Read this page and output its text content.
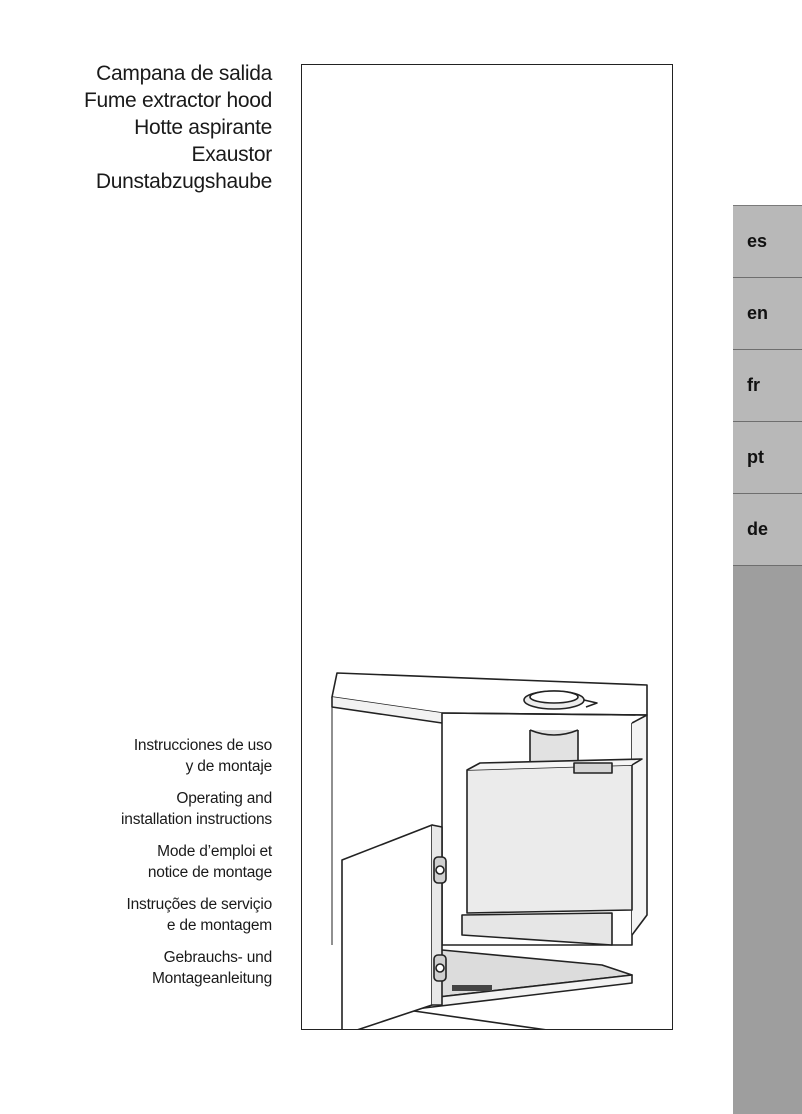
Campana de salida
Fume extractor hood
Hotte aspirante
Exaustor
Dunstabzugshaube
Instrucciones de uso
y de montaje
Operating and
installation instructions
Mode d’emploi et
notice de montage
Instruções de serviçio
e de montagem
Gebrauchs- und
Montageanleitung
es
en
fr
pt
de
